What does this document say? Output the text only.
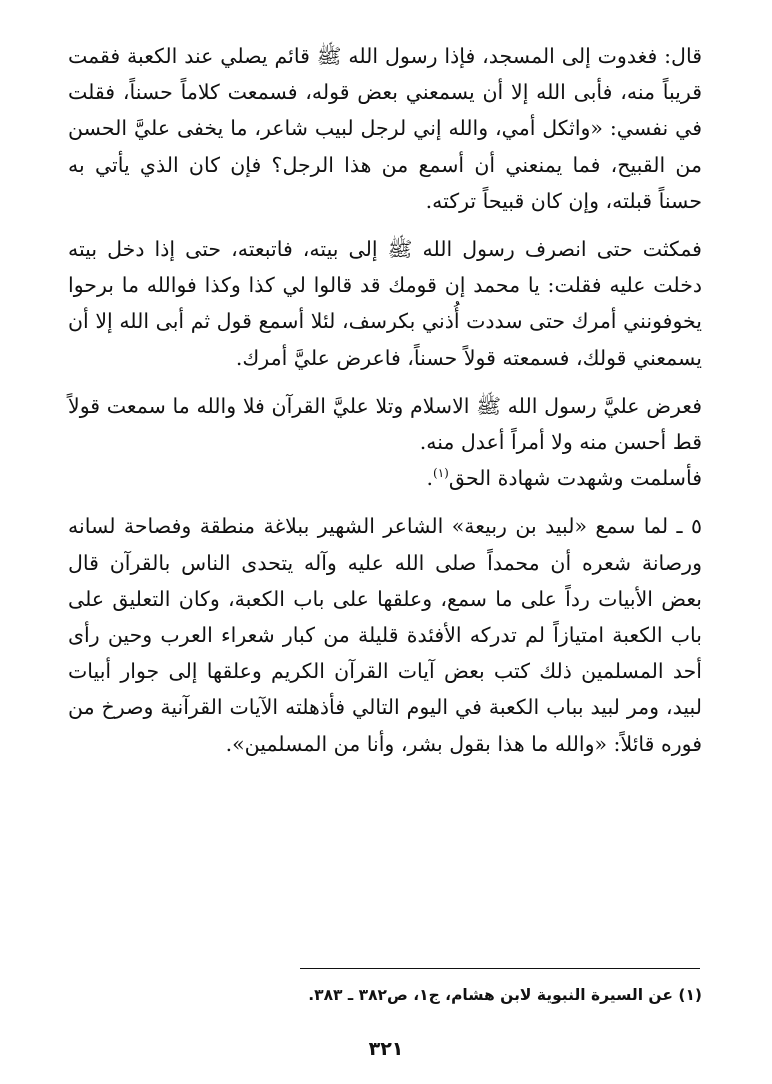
قال: فغدوت إلى المسجد، فإذا رسول الله ﷺ قائم يصلي عند الكعبة فقمت قريباً منه، فأبى الله إلا أن يسمعني بعض قوله، فسمعت كلاماً حسناً، فقلت في نفسي: «واثكل أمي، والله إني لرجل لبيب شاعر، ما يخفى عليَّ الحسن من القبيح، فما يمنعني أن أسمع من هذا الرجل؟ فإن كان الذي يأتي به حسناً قبلته، وإن كان قبيحاً تركته.

فمكثت حتى انصرف رسول الله ﷺ إلى بيته، فاتبعته، حتى إذا دخل بيته دخلت عليه فقلت: يا محمد إن قومك قد قالوا لي كذا وكذا فوالله ما برحوا يخوفونني أمرك حتى سددت أُذني بكرسف، لئلا أسمع قول ثم أبى الله إلا أن يسمعني قولك، فسمعته قولاً حسناً، فاعرض عليَّ أمرك.

فعرض عليَّ رسول الله ﷺ الاسلام وتلا عليَّ القرآن فلا والله ما سمعت قولاً قط أحسن منه ولا أمراً أعدل منه.

فأسلمت وشهدت شهادة الحق$^{(١)}$.

٥ ـ لما سمع «لبيد بن ربيعة» الشاعر الشهير ببلاغة منطقة وفصاحة لسانه ورصانة شعره أن محمداً صلى الله عليه وآله يتحدى الناس بالقرآن قال بعض الأبيات رداً على ما سمع، وعلقها على باب الكعبة، وكان التعليق على باب الكعبة امتيازاً لم تدركه الأفئدة قليلة من كبار شعراء العرب وحين رأى أحد المسلمين ذلك كتب بعض آيات القرآن الكريم وعلقها إلى جوار أبيات لبيد، ومر لبيد بباب الكعبة في اليوم التالي فأذهلته الآيات القرآنية وصرخ من فوره قائلاً: «والله ما هذا بقول بشر، وأنا من المسلمين».

(١) عن السيرة النبوية لابن هشام، ج١، ص٣٨٢ ـ ٣٨٣.
٣٢١
